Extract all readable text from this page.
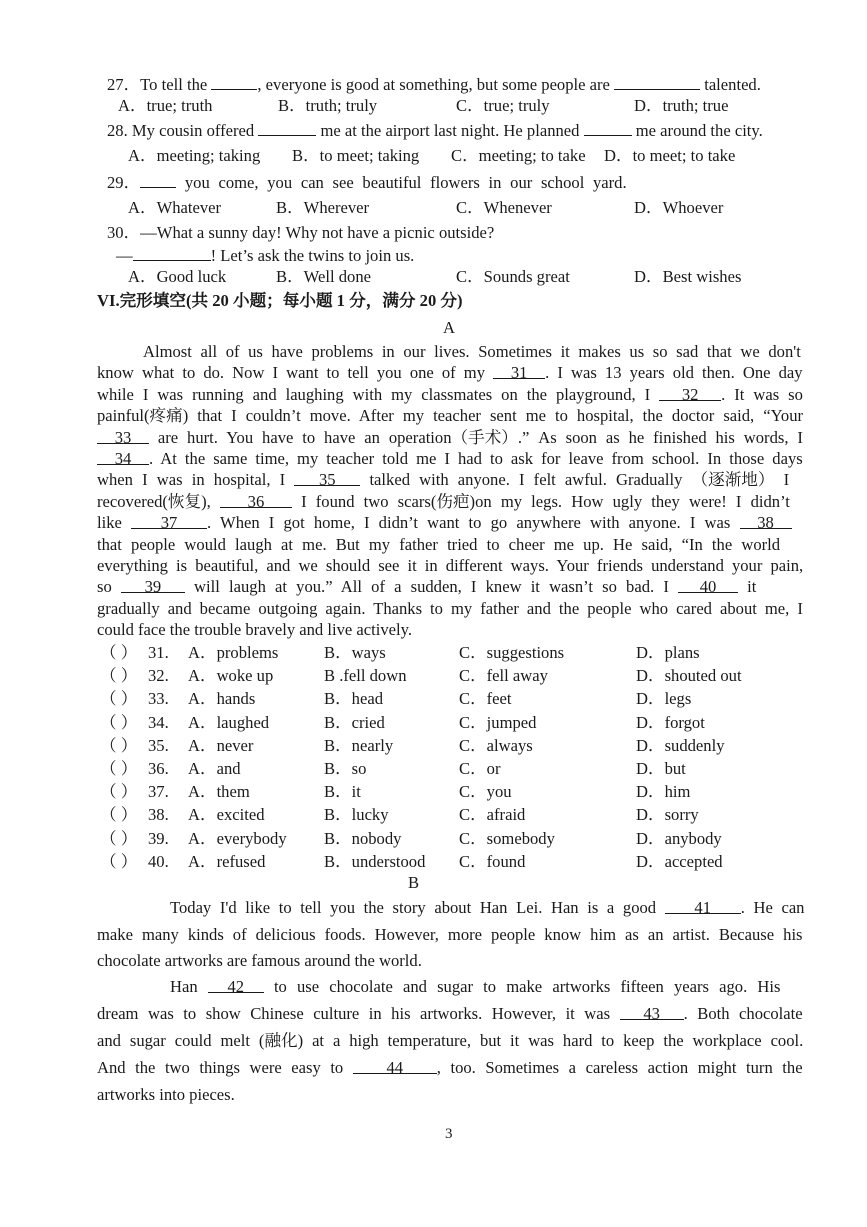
27．To tell the	, everyone is good at something, but some people are	talented.
A．true; truth	B．truth; truly	C．true; truly	D．truth; true
28. My cousin offered	me at the airport last night. He planned	me around the city.
A．meeting; taking B．to meet; taking C．meeting; to take D．to meet; to take
29． you come, you can see beautiful flowers in our school yard.
A．Whatever	B．Wherever	C．Whenever	D．Whoever
30．—What a sunny day! Why not have a picnic outside?
—	! Let’s ask the twins to join us.
A．Good luck	B．Well done	C．Sounds great	D．Best wishes
VI.完形填空(共 20 小题；每小题 1 分，满分 20 分)
A
Almost all of us have problems in our lives. Sometimes it makes us so sad that we don't
know what to do. Now I want to tell you one of my 31 . I was 13 years old then. One day
while I was running and laughing with my classmates on the playground, I 32 . It was so
painful(疼痛) that I couldn’t move. After my teacher sent me to hospital, the doctor said, “Your
33 are hurt. You have to have an operation（手术）.” As soon as he finished his words, I
34 . At the same time, my teacher told me I had to ask for leave from school. In those days
when I was in hospital, I 35 talked with anyone. I felt awful. Gradually （逐渐地） I
recovered(恢复), 36 I found two scars(伤疤)on my legs. How ugly they were! I didn’t
like 37 . When I got home, I didn’t want to go anywhere with anyone. I was 38
that people would laugh at me. But my father tried to cheer me up. He said, “In the world
everything is beautiful, and we should see it in different ways. Your friends understand your pain,
so 39 will laugh at you.” All of a sudden, I knew it wasn’t so bad. I 40 it
gradually and became outgoing again. Thanks to my father and the people who cared about me, I
could face the trouble bravely and live actively.
（ ） 31. A．problems	B．ways	C．suggestions	D．plans
（ ） 32. A．woke up	B .fell down	C．fell away	D．shouted out
（ ） 33. A．hands	B．head	C．feet	D．legs
（ ） 34. A．laughed	B．cried	C．jumped	D．forgot
（ ） 35. A．never	B．nearly	C．always	D．suddenly
（ ） 36. A．and	B．so	C．or	D．but
（ ） 37. A．them	B．it	C．you	D．him
（ ） 38. A．excited	B．lucky	C．afraid	D．sorry
（ ） 39. A．everybody B．nobody	C．somebody	D．anybody
（ ） 40. A．refused	B．understood C．found	D．accepted
B
Today I'd like to tell you the story about Han Lei. Han is a good 41 . He can
make many kinds of delicious foods. However, more people know him as an artist. Because his
chocolate artworks are famous around the world.
Han 42 to use chocolate and sugar to make artworks fifteen years ago. His
dream was to show Chinese culture in his artworks. However, it was 43 . Both chocolate
and sugar could melt (融化) at a high temperature, but it was hard to keep the workplace cool.
And the two things were easy to 44 , too. Sometimes a careless action might turn the
artworks into pieces.
3
